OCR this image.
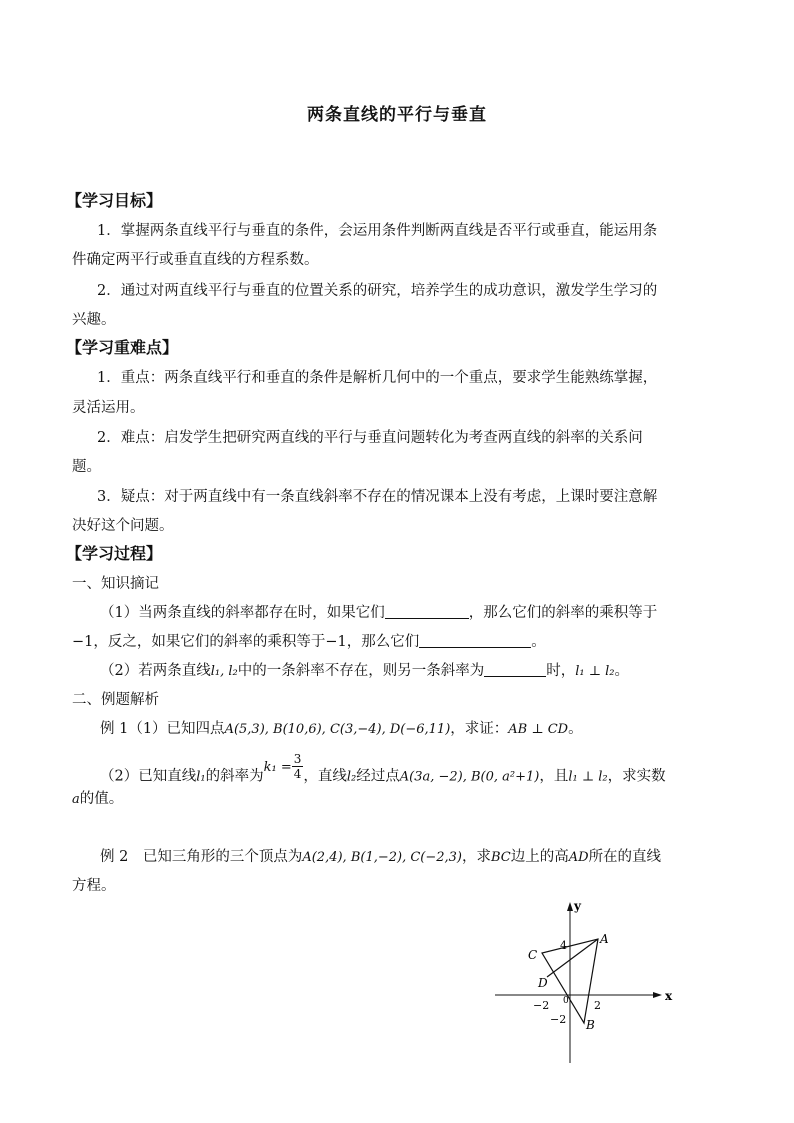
两条直线的平行与垂直
【学习目标】
1．掌握两条直线平行与垂直的条件，会运用条件判断两直线是否平行或垂直，能运用条
件确定两平行或垂直直线的方程系数。
2．通过对两直线平行与垂直的位置关系的研究，培养学生的成功意识，激发学生学习的
兴趣。
【学习重难点】
1．重点：两条直线平行和垂直的条件是解析几何中的一个重点，要求学生能熟练掌握，
灵活运用。
2．难点：启发学生把研究两直线的平行与垂直问题转化为考查两直线的斜率的关系问
题。
3．疑点：对于两直线中有一条直线斜率不存在的情况课本上没有考虑，上课时要注意解
决好这个问题。
【学习过程】
一、知识摘记
（1）当两条直线的斜率都存在时，如果它们	，那么它们的斜率的乘积等于
−1，反之，如果它们的斜率的乘积等于−1，那么它们	。
（2）若两条直线l₁, l₂中的一条斜率不存在，则另一条斜率为	时，l₁ ⊥ l₂。
二、例题解析
例 1（1）已知四点A(5,3), B(10,6), C(3,−4), D(−6,11)，求证：AB ⊥ CD。
（2）已知直线l₁的斜率为$k_1 = \frac{3}{4}$ ，直线l₂经过点A(3a, −2), B(0, a²+1)，且l₁ ⊥ l₂，求实数
a的值。
例 2　已知三角形的三个顶点为A(2,4), B(1,−2), C(−2,3)，求BC边上的高AD所在的直线
方程。
y
x
4
−2	2
−2
0
A
B
C
D
